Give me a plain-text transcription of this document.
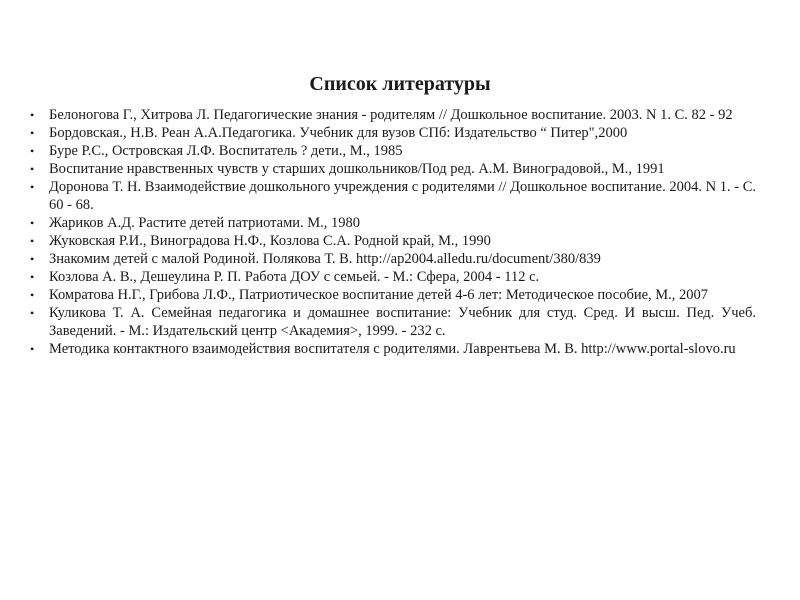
Список литературы
• Белоногова Г., Хитрова Л. Педагогические знания - родителям // Дошкольное воспитание. 2003. N 1. С. 82 - 92
• Бордовская., Н.В. Реан А.А.Педагогика. Учебник для вузов СПб: Издательство “ Питер",2000
• Буре Р.С., Островская Л.Ф. Воспитатель ? дети., М., 1985
• Воспитание нравственных чувств у старших дошкольников/Под ред. А.М. Виноградовой., М., 1991
• Доронова Т. Н. Взаимодействие дошкольного учреждения с родителями // Дошкольное воспитание. 2004. N 1. - С. 60 - 68.
• Жариков А.Д. Растите детей патриотами. М., 1980
• Жуковская Р.И., Виноградова Н.Ф., Козлова С.А. Родной край, М., 1990
• Знакомим детей с малой Родиной. Полякова Т. В. http://ap2004.alledu.ru/document/380/839
• Козлова А. В., Дешеулина Р. П. Работа ДОУ с семьей. - М.: Сфера, 2004 - 112 с.
• Комратова Н.Г., Грибова Л.Ф., Патриотическое воспитание детей 4-6 лет: Методическое пособие, М., 2007
• Куликова Т. А. Семейная педагогика и домашнее воспитание: Учебник для студ. Сред. И высш. Пед. Учеб. Заведений. - М.: Издательский центр <Академия>, 1999. - 232 с.
• Методика контактного взаимодействия воспитателя с родителями. Лаврентьева М. В. http://www.portal-slovo.ru
